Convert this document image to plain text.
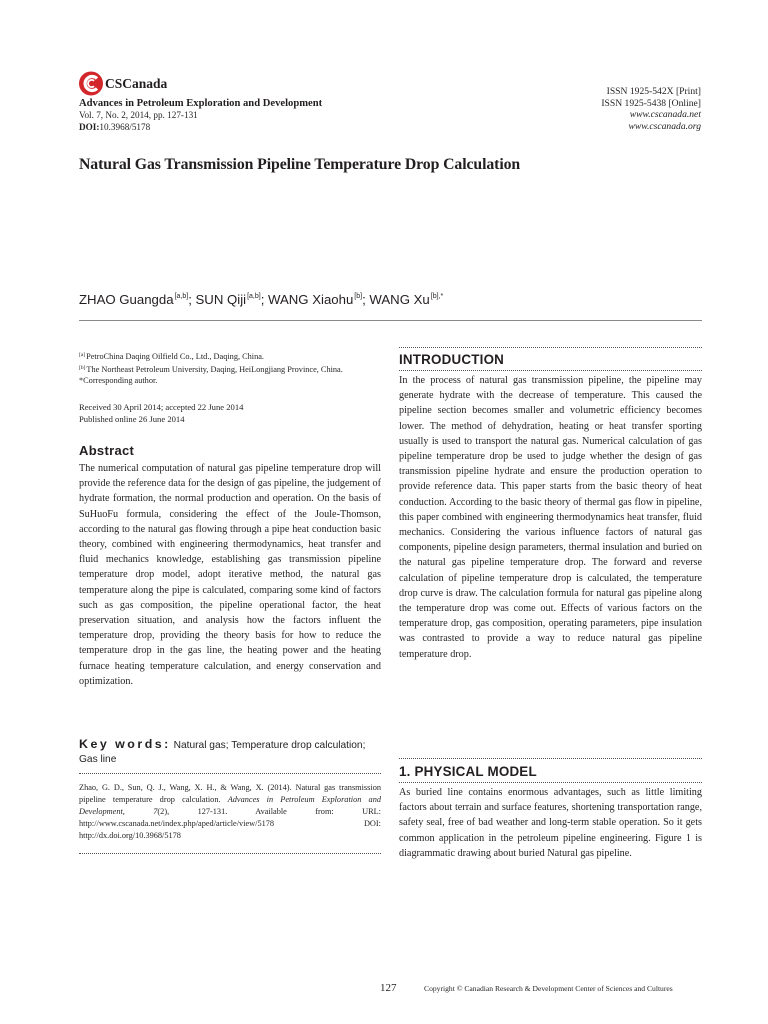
CSCanada
Advances in Petroleum Exploration and Development
Vol. 7, No. 2, 2014, pp. 127-131
DOI:10.3968/5178
ISSN 1925-542X [Print]
ISSN 1925-5438 [Online]
www.cscanada.net
www.cscanada.org
Natural Gas Transmission Pipeline Temperature Drop Calculation
ZHAO Guangda[a,b]; SUN Qiji[a,b]; WANG Xiaohu[b]; WANG $Xu^{[b],*}$
[a]PetroChina Daqing Oilfield Co., Ltd., Daqing, China.
[b]The Northeast Petroleum University, Daqing, HeiLongjiang Province, China.
*Corresponding author.
Received 30 April 2014; accepted 22 June 2014
Published online 26 June 2014
Abstract
The numerical computation of natural gas pipeline temperature drop will provide the reference data for the design of gas pipeline, the judgement of hydrate formation, the normal production and operation. On the basis of SuHuoFu formula, considering the effect of the Joule-Thomson, according to the natural gas flowing through a pipe heat conduction basic theory, combined with engineering thermodynamics, heat transfer and fluid mechanics knowledge, establishing gas transmission pipeline temperature drop model, adopt iterative method, the natural gas temperature along the pipe is calculated, comparing some kind of factors such as gas composition, the pipeline operational factor, the heat preservation situation, and analysis how the factors influent the temperature drop, providing the theory basis for how to reduce the temperature drop in the gas line, the heating power and the heating furnace heating temperature calculation, and energy conservation and optimization.
Key words: Natural gas; Temperature drop calculation; Gas line
Zhao, G. D., Sun, Q. J., Wang, X. H., & Wang, X. (2014). Natural gas transmission pipeline temperature drop calculation. Advances in Petroleum Exploration and Development, 7(2), 127-131. Available from: URL: http://www.cscanada.net/index.php/aped/article/view/5178 DOI: http://dx.doi.org/10.3968/5178
INTRODUCTION
In the process of natural gas transmission pipeline, the pipeline may generate hydrate with the decrease of temperature. This caused the pipeline section becomes smaller and volumetric efficiency becomes lower. The method of dehydration, heating or heat transfer sporting usually is used to transport the natural gas. Numerical calculation of gas pipeline temperature drop be used to judge whether the design of gas transmission pipeline hydrate and ensure the production operation to provide reference data. This paper starts from the basic theory of heat conduction. According to the basic theory of thermal gas flow in pipeline, this paper combined with engineering thermodynamics heat transfer, fluid mechanics. Considering the various influence factors of natural gas components, pipeline design parameters, thermal insulation and buried on the natural gas pipeline temperature drop. The forward and reverse calculation of pipeline temperature drop is calculated, the temperature drop curve is draw. The calculation formula for natural gas pipeline along the temperature drop was come out. Effects of various factors on the temperature drop, gas composition, operating parameters, pipe insulation was contrasted to provide a way to reduce natural gas pipeline temperature drop.
1. PHYSICAL MODEL
As buried line contains enormous advantages, such as little limiting factors about terrain and surface features, shortening transportation range, safety seal, free of bad weather and long-term stable operation. So it gets common application in the petroleum pipeline engineering. Figure 1 is diagrammatic drawing about buried Natural gas pipeline.
127	Copyright © Canadian Research & Development Center of Sciences and Cultures
